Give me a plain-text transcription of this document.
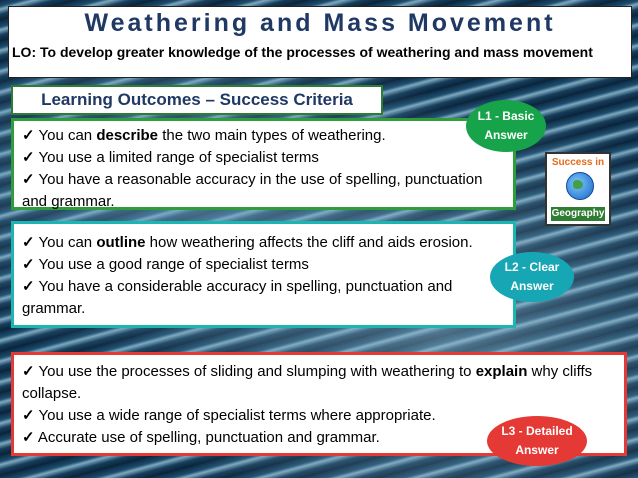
Weathering and Mass Movement
LO: To develop greater knowledge of the processes of weathering and mass movement
Learning Outcomes – Success Criteria

✓ You can describe the two main types of weathering.

✓ You use a limited range of specialist terms

✓ You have a reasonable accuracy in the use of spelling, punctuation and grammar.

✓ You can outline how weathering affects the cliff and aids erosion.

✓ You use a good range of specialist terms

✓ You have a considerable accuracy in spelling, punctuation and grammar.

✓ You use the processes of sliding and slumping with weathering to explain why cliffs collapse.

✓ You use a wide range of specialist terms where appropriate.

✓ Accurate use of spelling, punctuation and grammar.

L1 - Basic
Answer
L2 - Clear
Answer
L3 - Detailed
Answer
Success in
Geography
